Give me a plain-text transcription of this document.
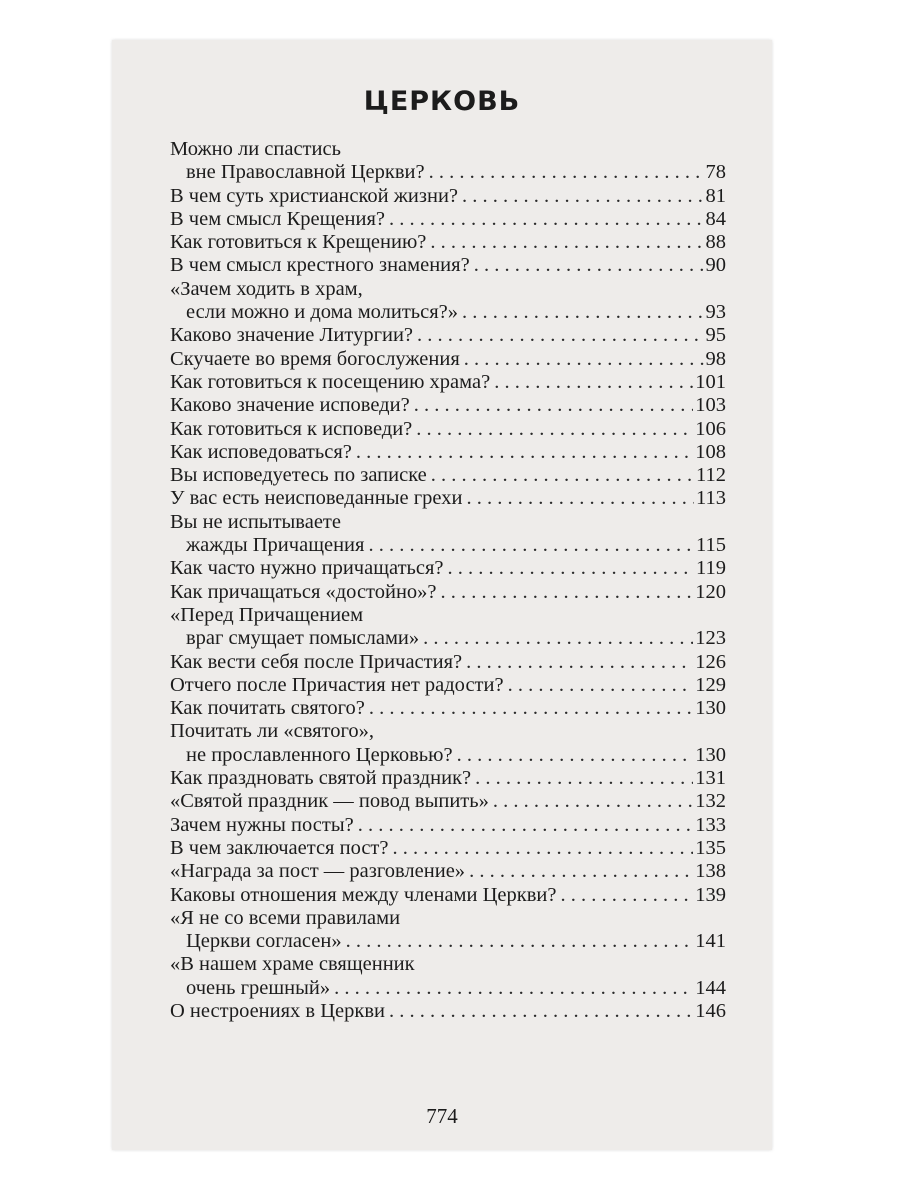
ЦЕРКОВЬ
Можно ли спастись
вне Православной Церкви? . . .	78
В чем суть христианской жизни? . . .	81
В чем смысл Крещения? . . .	84
Как готовиться к Крещению? . . .	88
В чем смысл крестного знамения? . . .	90
«Зачем ходить в храм,
если можно и дома молиться?» . . .	93
Каково значение Литургии? . . .	95
Скучаете во время богослужения . . .	98
Как готовиться к посещению храма? . . .	101
Каково значение исповеди? . . .	103
Как готовиться к исповеди? . . .	106
Как исповедоваться? . . .	108
Вы исповедуетесь по записке . . .	112
У вас есть неисповеданные грехи . . .	113
Вы не испытываете
жажды Причащения . . .	115
Как часто нужно причащаться? . . .	119
Как причащаться «достойно»? . . .	120
«Перед Причащением
враг смущает помыслами» . . .	123
Как вести себя после Причастия? . . .	126
Отчего после Причастия нет радости? . . .	129
Как почитать святого? . . .	130
Почитать ли «святого»,
не прославленного Церковью? . . .	130
Как праздновать святой праздник? . . .	131
«Святой праздник — повод выпить» . . .	132
Зачем нужны посты? . . .	133
В чем заключается пост? . . .	135
«Награда за пост — разговление» . . .	138
Каковы отношения между членами Церкви? . . .	139
«Я не со всеми правилами
Церкви согласен» . . .	141
«В нашем храме священник
очень грешный» . . .	144
О нестроениях в Церкви . . .	146
774
